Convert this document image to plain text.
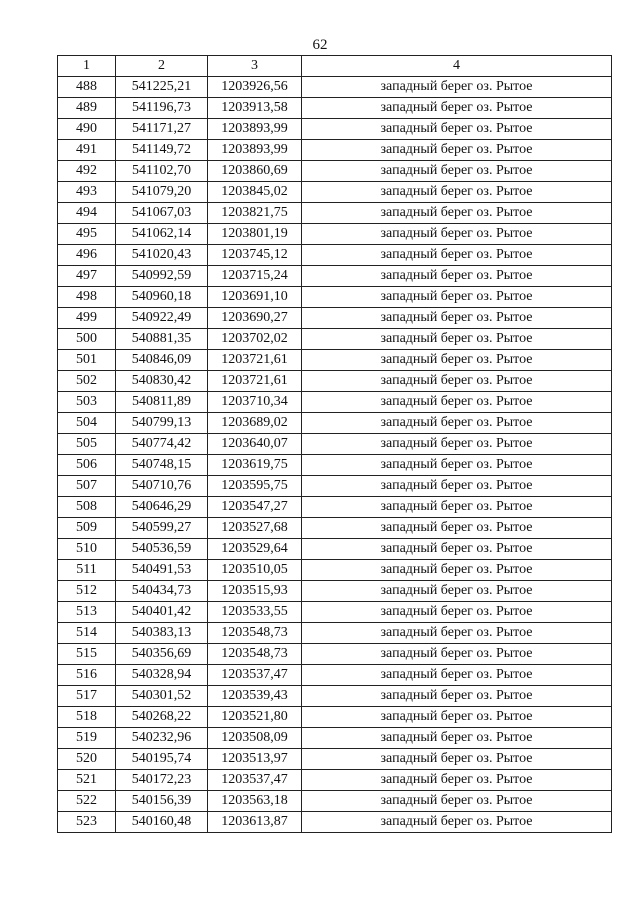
62
1	2	3	4
488	541225,21	1203926,56	западный берег оз. Рытое
489	541196,73	1203913,58	западный берег оз. Рытое
490	541171,27	1203893,99	западный берег оз. Рытое
491	541149,72	1203893,99	западный берег оз. Рытое
492	541102,70	1203860,69	западный берег оз. Рытое
493	541079,20	1203845,02	западный берег оз. Рытое
494	541067,03	1203821,75	западный берег оз. Рытое
495	541062,14	1203801,19	западный берег оз. Рытое
496	541020,43	1203745,12	западный берег оз. Рытое
497	540992,59	1203715,24	западный берег оз. Рытое
498	540960,18	1203691,10	западный берег оз. Рытое
499	540922,49	1203690,27	западный берег оз. Рытое
500	540881,35	1203702,02	западный берег оз. Рытое
501	540846,09	1203721,61	западный берег оз. Рытое
502	540830,42	1203721,61	западный берег оз. Рытое
503	540811,89	1203710,34	западный берег оз. Рытое
504	540799,13	1203689,02	западный берег оз. Рытое
505	540774,42	1203640,07	западный берег оз. Рытое
506	540748,15	1203619,75	западный берег оз. Рытое
507	540710,76	1203595,75	западный берег оз. Рытое
508	540646,29	1203547,27	западный берег оз. Рытое
509	540599,27	1203527,68	западный берег оз. Рытое
510	540536,59	1203529,64	западный берег оз. Рытое
511	540491,53	1203510,05	западный берег оз. Рытое
512	540434,73	1203515,93	западный берег оз. Рытое
513	540401,42	1203533,55	западный берег оз. Рытое
514	540383,13	1203548,73	западный берег оз. Рытое
515	540356,69	1203548,73	западный берег оз. Рытое
516	540328,94	1203537,47	западный берег оз. Рытое
517	540301,52	1203539,43	западный берег оз. Рытое
518	540268,22	1203521,80	западный берег оз. Рытое
519	540232,96	1203508,09	западный берег оз. Рытое
520	540195,74	1203513,97	западный берег оз. Рытое
521	540172,23	1203537,47	западный берег оз. Рытое
522	540156,39	1203563,18	западный берег оз. Рытое
523	540160,48	1203613,87	западный берег оз. Рытое
